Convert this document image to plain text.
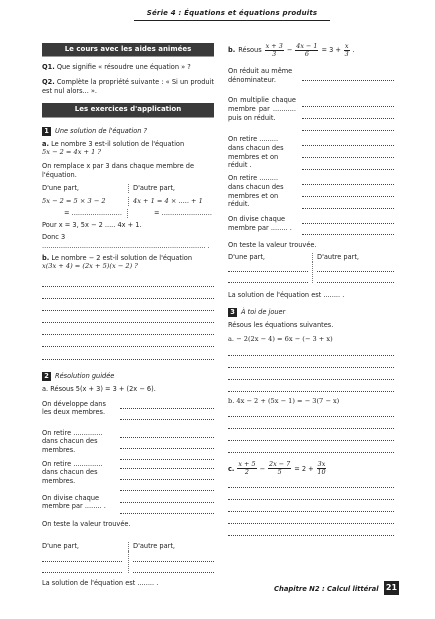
Série 4 : Équations et équations produits
Le cours avec les aides animées

Q1. Que signifie « résoudre une équation » ?

Q2. Complète la propriété suivante : « Si un produit est nul alors... ».

Les exercices d'application
1 Une solution de l'équation ?

a. Le nombre 3 est-il solution de l'équation

5x − 2 = 4x + 1 ?

On remplace x par 3 dans chaque membre de l'équation.

D'une part,	D'autre part,
5x − 2 = 5 × 3 − 2	4x + 1 = 4 × ..... + 1
= ........................	= ........................

Pour x = 3, 5x − 2 ..... 4x + 1.

Donc 3 .............................................................................. .

b. Le nombre − 2 est-il solution de l'équation

x(3x + 4) = (2x + 5)(x − 2) ?

2 Résolution guidée

a. Résous 5(x + 3) = 3 + (2x − 6).

On développe dans les deux membres.
On retire .............. dans chacun des membres.
On retire .............. dans chacun des membres.
On divise chaque membre par ........ .

On teste la valeur trouvée.

D'une part,	D'autre part,

La solution de l'équation est ........ .

b. Résous $\frac{x + 3}{3} - \frac{4x - 1}{6} = 3 + \frac{x}{3}$ .
On réduit au même dénominateur.
On multiplie chaque membre par ........... puis on réduit.
On retire ......... dans chacun des membres et on réduit .
On retire ......... dans chacun des membres et on réduit.
On divise chaque membre par ........ .

On teste la valeur trouvée.

D'une part,	D'autre part,

La solution de l'équation est ........ .

3 À toi de jouer

Résous les équations suivantes.

a. − 2(2x − 4) = 6x − (− 3 + x)

b. 4x − 2 + (5x − 1) = − 3(7 − x)

c. $\frac{x + 5}{2} - \frac{2x - 7}{5} = 2 + \frac{3x}{10}$
Chapitre N2 : Calcul littéral 21
